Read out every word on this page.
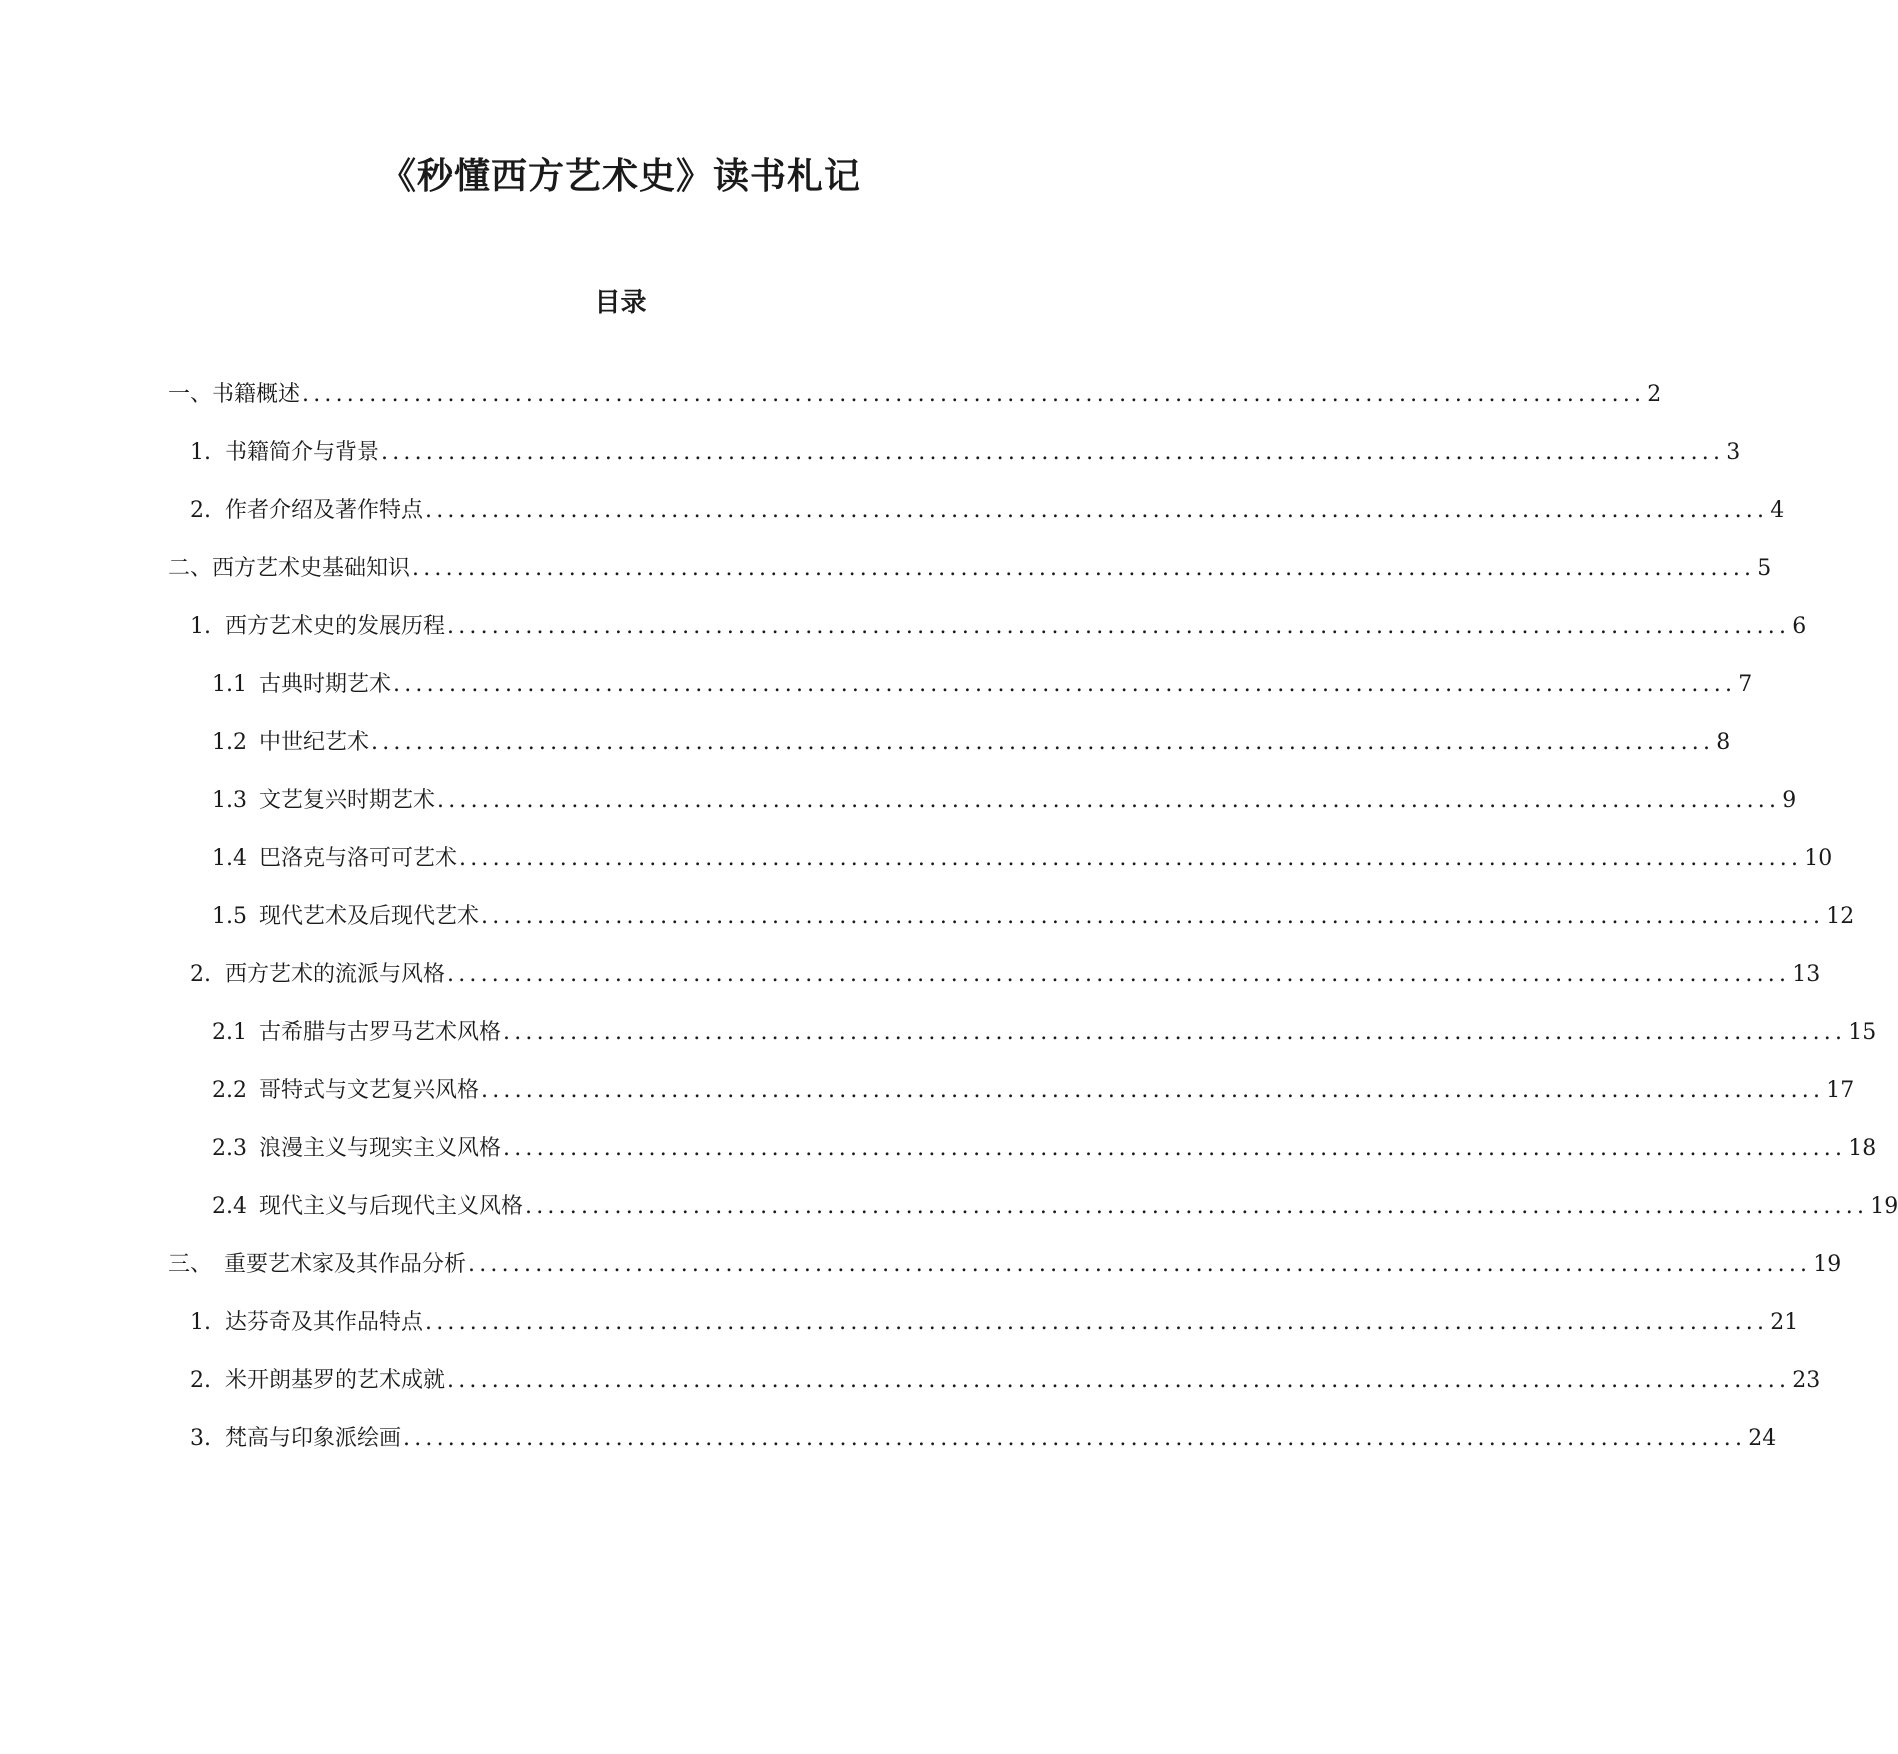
《秒懂西方艺术史》读书札记
目录
一、 书籍概述 ........................................................................................................................ 2
1. 书籍简介与背景 ........................................................................................................................ 3
2. 作者介绍及著作特点 ........................................................................................................................ 4
二、 西方艺术史基础知识 ........................................................................................................................ 5
1. 西方艺术史的发展历程 ........................................................................................................................ 6
1.1 古典时期艺术 ........................................................................................................................ 7
1.2 中世纪艺术 ........................................................................................................................ 8
1.3 文艺复兴时期艺术 ........................................................................................................................ 9
1.4 巴洛克与洛可可艺术 ........................................................................................................................ 10
1.5 现代艺术及后现代艺术 ........................................................................................................................ 12
2. 西方艺术的流派与风格 ........................................................................................................................ 13
2.1 古希腊与古罗马艺术风格 ........................................................................................................................ 15
2.2 哥特式与文艺复兴风格 ........................................................................................................................ 17
2.3 浪漫主义与现实主义风格 ........................................................................................................................ 18
2.4 现代主义与后现代主义风格 ........................................................................................................................ 19
三、 重要艺术家及其作品分析 ........................................................................................................................ 19
1. 达芬奇及其作品特点 ........................................................................................................................ 21
2. 米开朗基罗的艺术成就 ........................................................................................................................ 23
3. 梵高与印象派绘画 ........................................................................................................................ 24
